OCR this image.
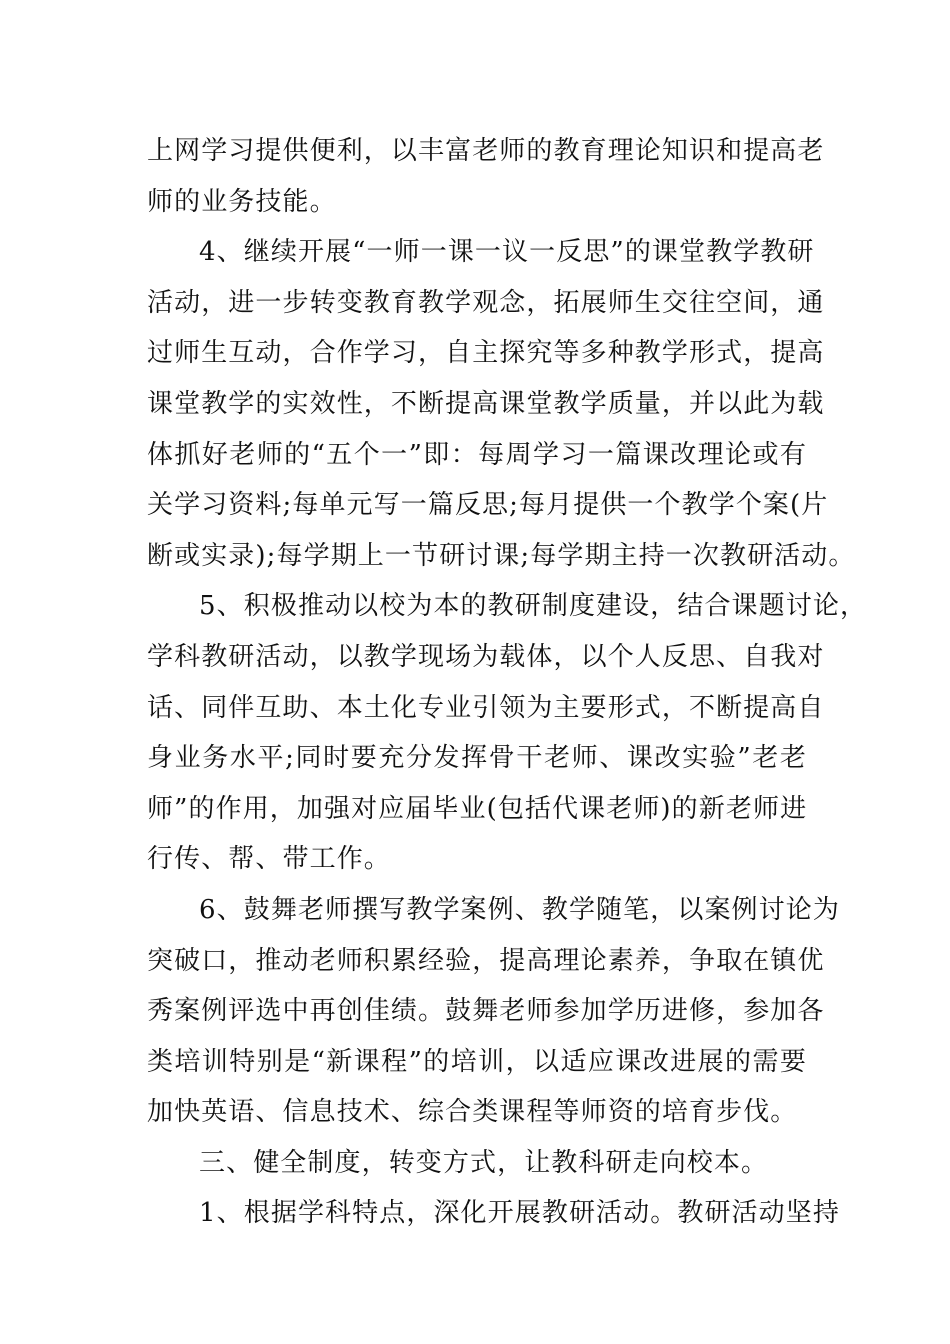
上网学习提供便利，以丰富老师的教育理论知识和提高老
师的业务技能。
4、继续开展“一师一课一议一反思”的课堂教学教研
活动，进一步转变教育教学观念，拓展师生交往空间，通
过师生互动，合作学习，自主探究等多种教学形式，提高
课堂教学的实效性，不断提高课堂教学质量，并以此为载
体抓好老师的“五个一”即：每周学习一篇课改理论或有
关学习资料;每单元写一篇反思;每月提供一个教学个案(片
断或实录);每学期上一节研讨课;每学期主持一次教研活动。
5、积极推动以校为本的教研制度建设，结合课题讨论，
学科教研活动，以教学现场为载体，以个人反思、自我对
话、同伴互助、本土化专业引领为主要形式，不断提高自
身业务水平;同时要充分发挥骨干老师、课改实验”老老
师”的作用，加强对应届毕业(包括代课老师)的新老师进
行传、帮、带工作。
6、鼓舞老师撰写教学案例、教学随笔，以案例讨论为
突破口，推动老师积累经验，提高理论素养，争取在镇优
秀案例评选中再创佳绩。鼓舞老师参加学历进修，参加各
类培训特别是“新课程”的培训，以适应课改进展的需要
加快英语、信息技术、综合类课程等师资的培育步伐。
三、健全制度，转变方式，让教科研走向校本。
1、根据学科特点，深化开展教研活动。教研活动坚持
